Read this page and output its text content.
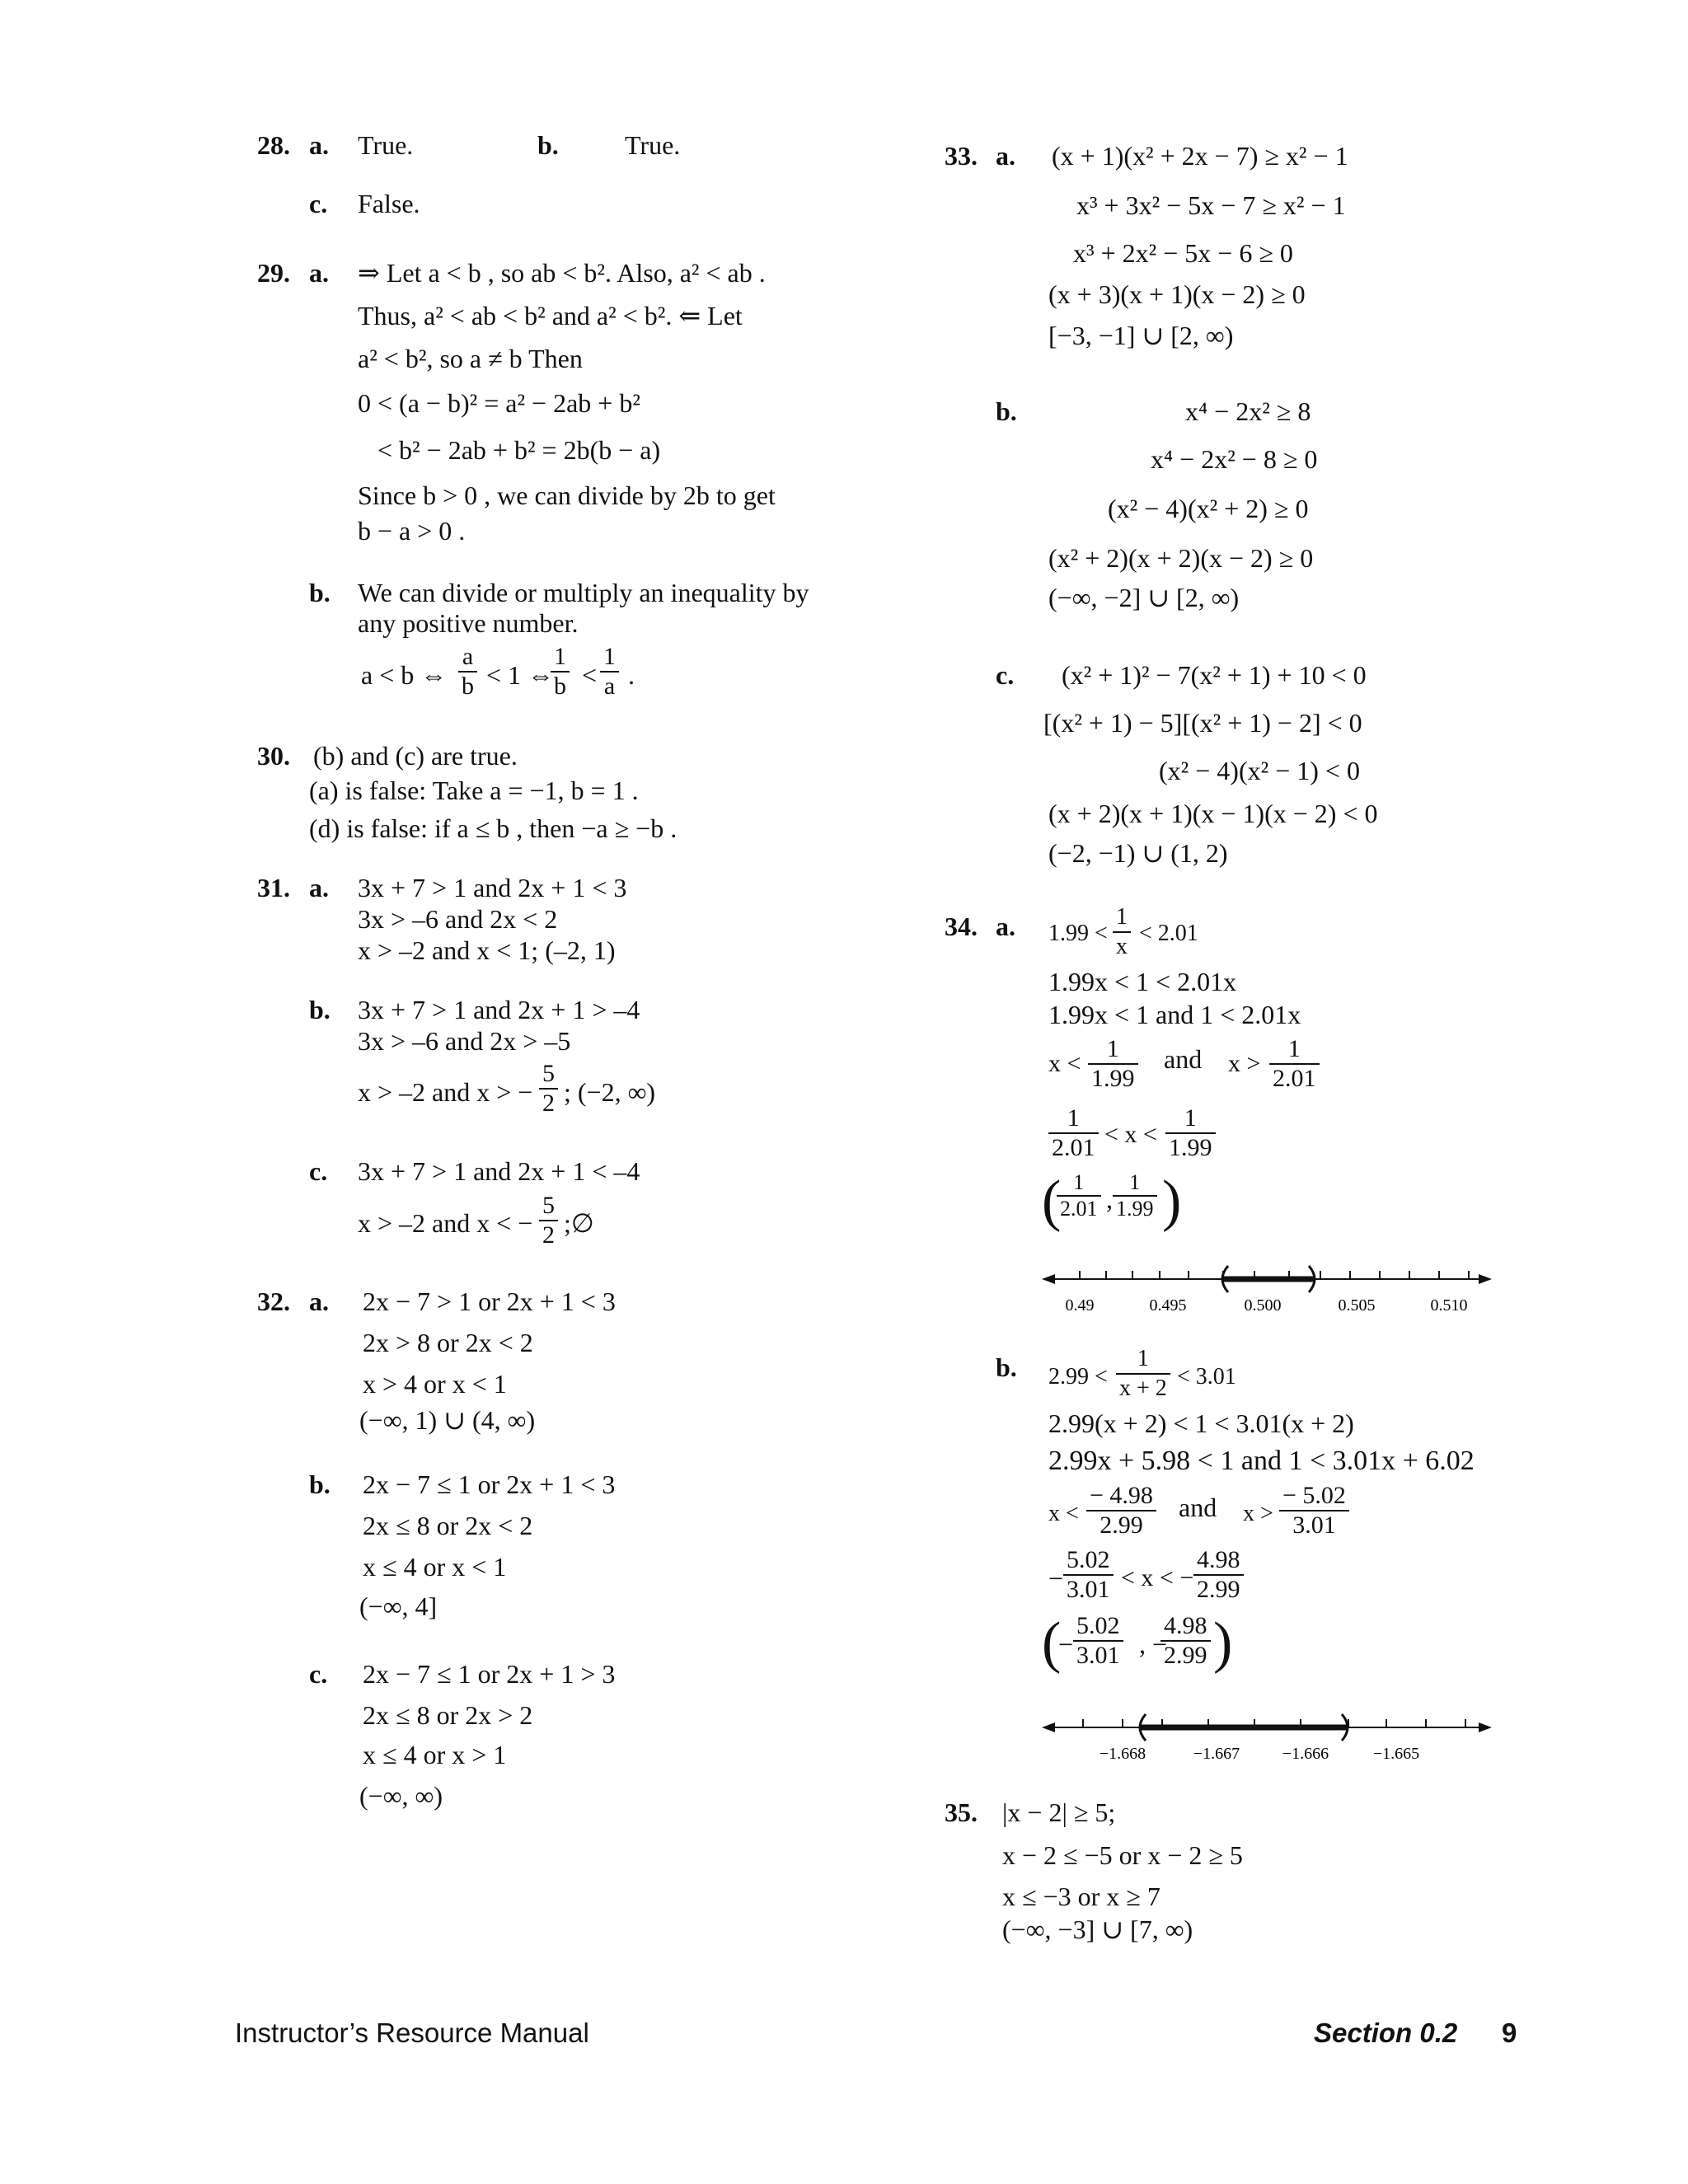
28. a. True.	b.	True.
c. False.
29. a. ⇒ Let a < b , so ab < b². Also, a² < ab .
Thus, a² < ab < b² and a² < b². ⇐ Let
a² < b², so a ≠ b Then
0 < (a − b)² = a² − 2ab + b²
< b² − 2ab + b² = 2b(b − a)
Since b > 0 , we can divide by 2b to get
b − a > 0 .
b. We can divide or multiply an inequality by
any positive number.
a < b ⇔
a
b < 1 ⇔
1
b <
1
a .
30. (b) and (c) are true.
(a) is false: Take a = −1, b = 1 .
(d) is false: if a ≤ b , then −a ≥ −b .
31. a. 3x + 7 > 1 and 2x + 1 < 3
3x > –6 and 2x < 2
x > –2 and x < 1; (–2, 1)
b. 3x + 7 > 1 and 2x + 1 > –4
3x > –6 and 2x > –5
x > –2 and x > −
5
2 ; (−2, ∞)
c. 3x + 7 > 1 and 2x + 1 < –4
x > –2 and x < −
5
2 ;∅
32. a. 2x − 7 > 1 or 2x + 1 < 3
2x > 8 or 2x < 2
x > 4 or x < 1
(−∞, 1) ∪ (4, ∞)
b. 2x − 7 ≤ 1 or 2x + 1 < 3
2x ≤ 8 or 2x < 2
x ≤ 4 or x < 1
(−∞, 4]
c. 2x − 7 ≤ 1 or 2x + 1 > 3
2x ≤ 8 or 2x > 2
x ≤ 4 or x > 1
(−∞, ∞)
33. a. (x + 1)(x² + 2x − 7) ≥ x² − 1
x³ + 3x² − 5x − 7 ≥ x² − 1
x³ + 2x² − 5x − 6 ≥ 0
(x + 3)(x + 1)(x − 2) ≥ 0
[−3, −1] ∪ [2, ∞)
b.	x⁴ − 2x² ≥ 8
x⁴ − 2x² − 8 ≥ 0
(x² − 4)(x² + 2) ≥ 0
(x² + 2)(x + 2)(x − 2) ≥ 0
(−∞, −2] ∪ [2, ∞)
c. (x² + 1)² − 7(x² + 1) + 10 < 0
[(x² + 1) − 5][(x² + 1) − 2] < 0
(x² − 4)(x² − 1) < 0
(x + 2)(x + 1)(x − 1)(x − 2) < 0
(−2, −1) ∪ (1, 2)
34. a. 1.99 <
1
x
< 2.01
1.99x < 1 < 2.01x
1.99x < 1 and 1 < 2.01x
x <
1
1.99
and x >
1
2.01
1
2.01 < x <
1
1.99
( 1
2.01 ,
1
1.99 )
0.49	0.495	0.500	0.505	0.510
b. 2.99 <
1
x + 2 < 3.01
2.99(x + 2) < 1 < 3.01(x + 2)
2.99x + 5.98 < 1 and 1 < 3.01x + 6.02
x <
− 4.98
2.99
and x >
− 5.02
3.01
−
5.02
3.01 < x < −
4.98
2.99
(
−
5.02
3.01 , −
4.98
2.99 )
−1.668	−1.667	−1.666	−1.665
35. |x − 2| ≥ 5;
x − 2 ≤ −5 or x − 2 ≥ 5
x ≤ −3 or x ≥ 7
(−∞, −3] ∪ [7, ∞)
Instructor’s Resource Manual	Section 0.2 9
